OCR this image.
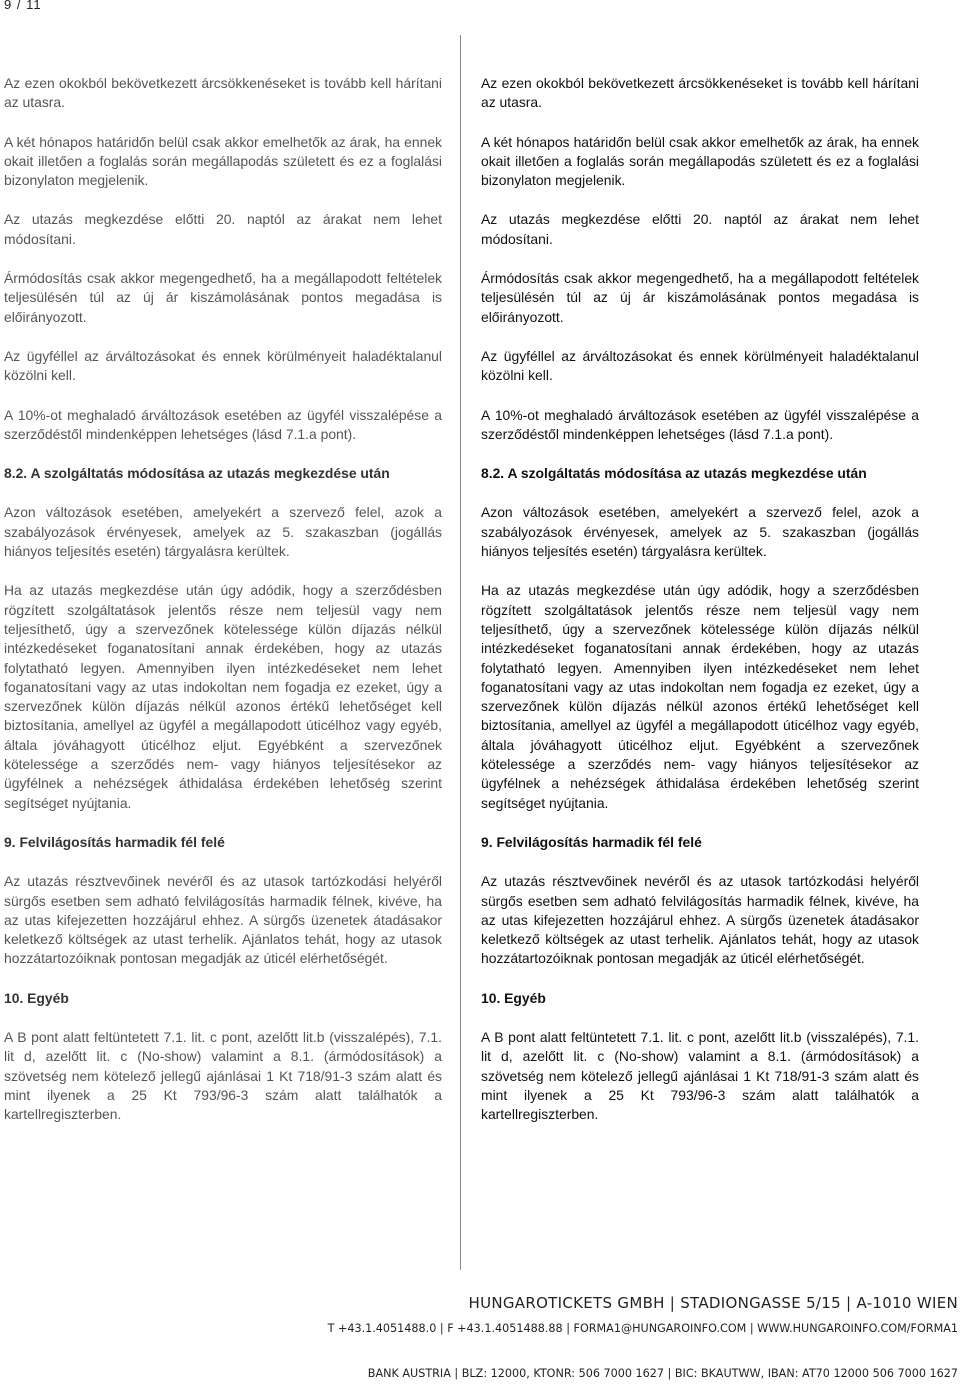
9 / 11

Az ezen okokból bekövetkezett árcsökkenéseket is tovább kell hárítani az utasra.

A két hónapos határidőn belül csak akkor emelhetők az árak, ha ennek okait illetően a foglalás során megállapodás született és ez a foglalási bizonylaton megjelenik.

Az utazás megkezdése előtti 20. naptól az árakat nem lehet módosítani.

Ármódosítás csak akkor megengedhető, ha a megállapodott feltételek teljesülésén túl az új ár kiszámolásának pontos megadása is előirányozott.

Az ügyféllel az árváltozásokat és ennek körülményeit haladéktalanul közölni kell.

A 10%-ot meghaladó árváltozások esetében az ügyfél visszalépése a szerződéstől mindenképpen lehetséges (lásd 7.1.a pont).

8.2. A szolgáltatás módosítása az utazás megkezdése után

Azon változások esetében, amelyekért a szervező felel, azok a szabályozások érvényesek, amelyek az 5. szakaszban (jogállás hiányos teljesítés esetén) tárgyalásra kerültek.

Ha az utazás megkezdése után úgy adódik, hogy a szerződésben rögzített szolgáltatások jelentős része nem teljesül vagy nem teljesíthető, úgy a szervezőnek kötelessége külön díjazás nélkül intézkedéseket foganatosítani annak érdekében, hogy az utazás folytatható legyen. Amennyiben ilyen intézkedéseket nem lehet foganatosítani vagy az utas indokoltan nem fogadja ez ezeket, úgy a szervezőnek külön díjazás nélkül azonos értékű lehetőséget kell biztosítania, amellyel az ügyfél a megállapodott úticélhoz vagy egyéb, általa jóváhagyott úticélhoz eljut. Egyébként a szervezőnek kötelessége a szerződés nem- vagy hiányos teljesítésekor az ügyfélnek a nehézségek áthidalása érdekében lehetőség szerint segítséget nyújtania.

9. Felvilágosítás harmadik fél felé

Az utazás résztvevőinek nevéről és az utasok tartózkodási helyéről sürgős esetben sem adható felvilágosítás harmadik félnek, kivéve, ha az utas kifejezetten hozzájárul ehhez. A sürgős üzenetek átadásakor keletkező költségek az utast terhelik. Ajánlatos tehát, hogy az utasok hozzátartozóiknak pontosan megadják az úticél elérhetőségét.

10. Egyéb

A B pont alatt feltüntetett 7.1. lit. c pont, azelőtt lit.b (visszalépés), 7.1. lit d, azelőtt lit. c (No-show) valamint a 8.1. (ármódosítások) a szövetség nem kötelező jellegű ajánlásai 1 Kt 718/91-3 szám alatt és mint ilyenek a 25 Kt 793/96-3 szám alatt találhatók a kartellregiszterben.

Az ezen okokból bekövetkezett árcsökkenéseket is tovább kell hárítani az utasra.

A két hónapos határidőn belül csak akkor emelhetők az árak, ha ennek okait illetően a foglalás során megállapodás született és ez a foglalási bizonylaton megjelenik.

Az utazás megkezdése előtti 20. naptól az árakat nem lehet módosítani.

Ármódosítás csak akkor megengedhető, ha a megállapodott feltételek teljesülésén túl az új ár kiszámolásának pontos megadása is előirányozott.

Az ügyféllel az árváltozásokat és ennek körülményeit haladéktalanul közölni kell.

A 10%-ot meghaladó árváltozások esetében az ügyfél visszalépése a szerződéstől mindenképpen lehetséges (lásd 7.1.a pont).

8.2. A szolgáltatás módosítása az utazás megkezdése után

Azon változások esetében, amelyekért a szervező felel, azok a szabályozások érvényesek, amelyek az 5. szakaszban (jogállás hiányos teljesítés esetén) tárgyalásra kerültek.

Ha az utazás megkezdése után úgy adódik, hogy a szerződésben rögzített szolgáltatások jelentős része nem teljesül vagy nem teljesíthető, úgy a szervezőnek kötelessége külön díjazás nélkül intézkedéseket foganatosítani annak érdekében, hogy az utazás folytatható legyen. Amennyiben ilyen intézkedéseket nem lehet foganatosítani vagy az utas indokoltan nem fogadja ez ezeket, úgy a szervezőnek külön díjazás nélkül azonos értékű lehetőséget kell biztosítania, amellyel az ügyfél a megállapodott úticélhoz vagy egyéb, általa jóváhagyott úticélhoz eljut. Egyébként a szervezőnek kötelessége a szerződés nem- vagy hiányos teljesítésekor az ügyfélnek a nehézségek áthidalása érdekében lehetőség szerint segítséget nyújtania.

9. Felvilágosítás harmadik fél felé

Az utazás résztvevőinek nevéről és az utasok tartózkodási helyéről sürgős esetben sem adható felvilágosítás harmadik félnek, kivéve, ha az utas kifejezetten hozzájárul ehhez. A sürgős üzenetek átadásakor keletkező költségek az utast terhelik. Ajánlatos tehát, hogy az utasok hozzátartozóiknak pontosan megadják az úticél elérhetőségét.

10. Egyéb

A B pont alatt feltüntetett 7.1. lit. c pont, azelőtt lit.b (visszalépés), 7.1. lit d, azelőtt lit. c (No-show) valamint a 8.1. (ármódosítások) a szövetség nem kötelező jellegű ajánlásai 1 Kt 718/91-3 szám alatt és mint ilyenek a 25 Kt 793/96-3 szám alatt találhatók a kartellregiszterben.

HUNGAROTICKETS GMBH | STADIONGASSE 5/15 | A-1010 WIEN
T +43.1.4051488.0 | F +43.1.4051488.88 | FORMA1@HUNGAROINFO.COM | WWW.HUNGAROINFO.COM/FORMA1
BANK AUSTRIA | BLZ: 12000, KTONR: 506 7000 1627 | BIC: BKAUTWW, IBAN: AT70 12000 506 7000 1627
